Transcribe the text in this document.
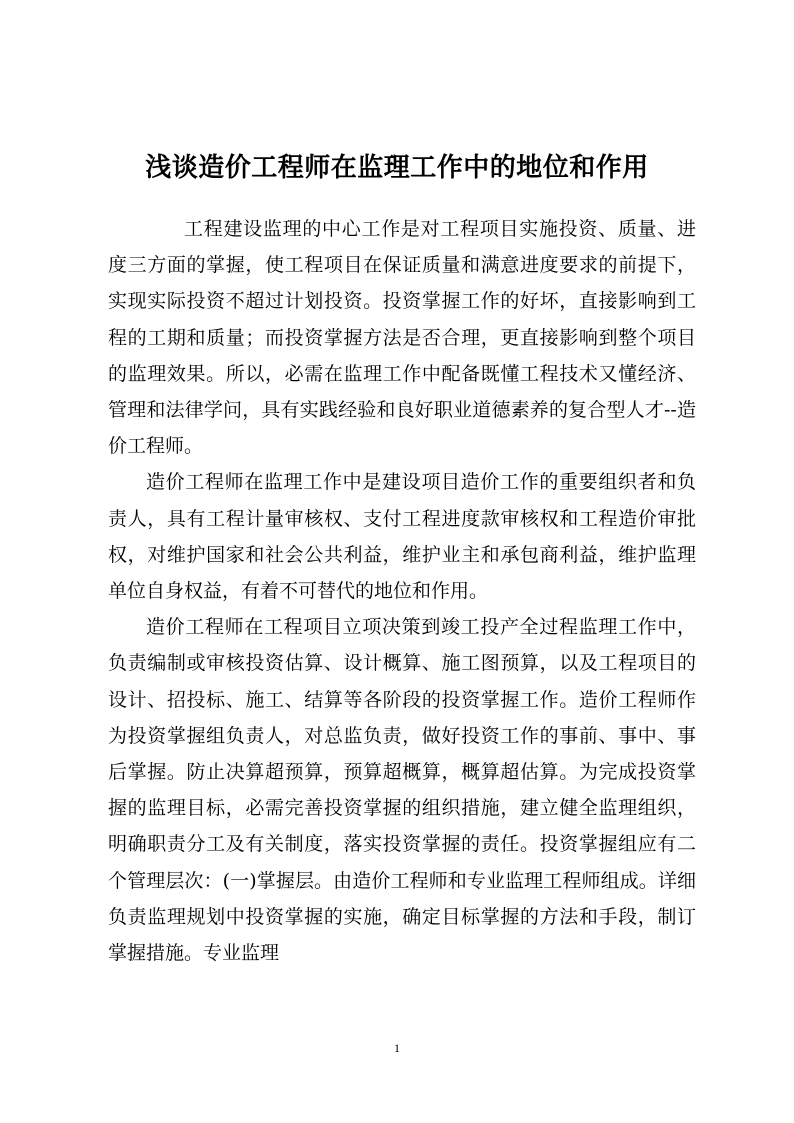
浅谈造价工程师在监理工作中的地位和作用

工程建设监理的中心工作是对工程项目实施投资、质量、进度三方面的掌握，使工程项目在保证质量和满意进度要求的前提下，实现实际投资不超过计划投资。投资掌握工作的好坏，直接影响到工程的工期和质量；而投资掌握方法是否合理，更直接影响到整个项目的监理效果。所以，必需在监理工作中配备既懂工程技术又懂经济、管理和法律学问，具有实践经验和良好职业道德素养的复合型人才--造价工程师。

造价工程师在监理工作中是建设项目造价工作的重要组织者和负责人，具有工程计量审核权、支付工程进度款审核权和工程造价审批权，对维护国家和社会公共利益，维护业主和承包商利益，维护监理单位自身权益，有着不可替代的地位和作用。

造价工程师在工程项目立项决策到竣工投产全过程监理工作中，负责编制或审核投资估算、设计概算、施工图预算，以及工程项目的设计、招投标、施工、结算等各阶段的投资掌握工作。造价工程师作为投资掌握组负责人，对总监负责，做好投资工作的事前、事中、事后掌握。防止决算超预算，预算超概算，概算超估算。为完成投资掌握的监理目标，必需完善投资掌握的组织措施，建立健全监理组织，明确职责分工及有关制度，落实投资掌握的责任。投资掌握组应有二个管理层次：(一)掌握层。由造价工程师和专业监理工程师组成。详细负责监理规划中投资掌握的实施，确定目标掌握的方法和手段，制订掌握措施。专业监理

1
